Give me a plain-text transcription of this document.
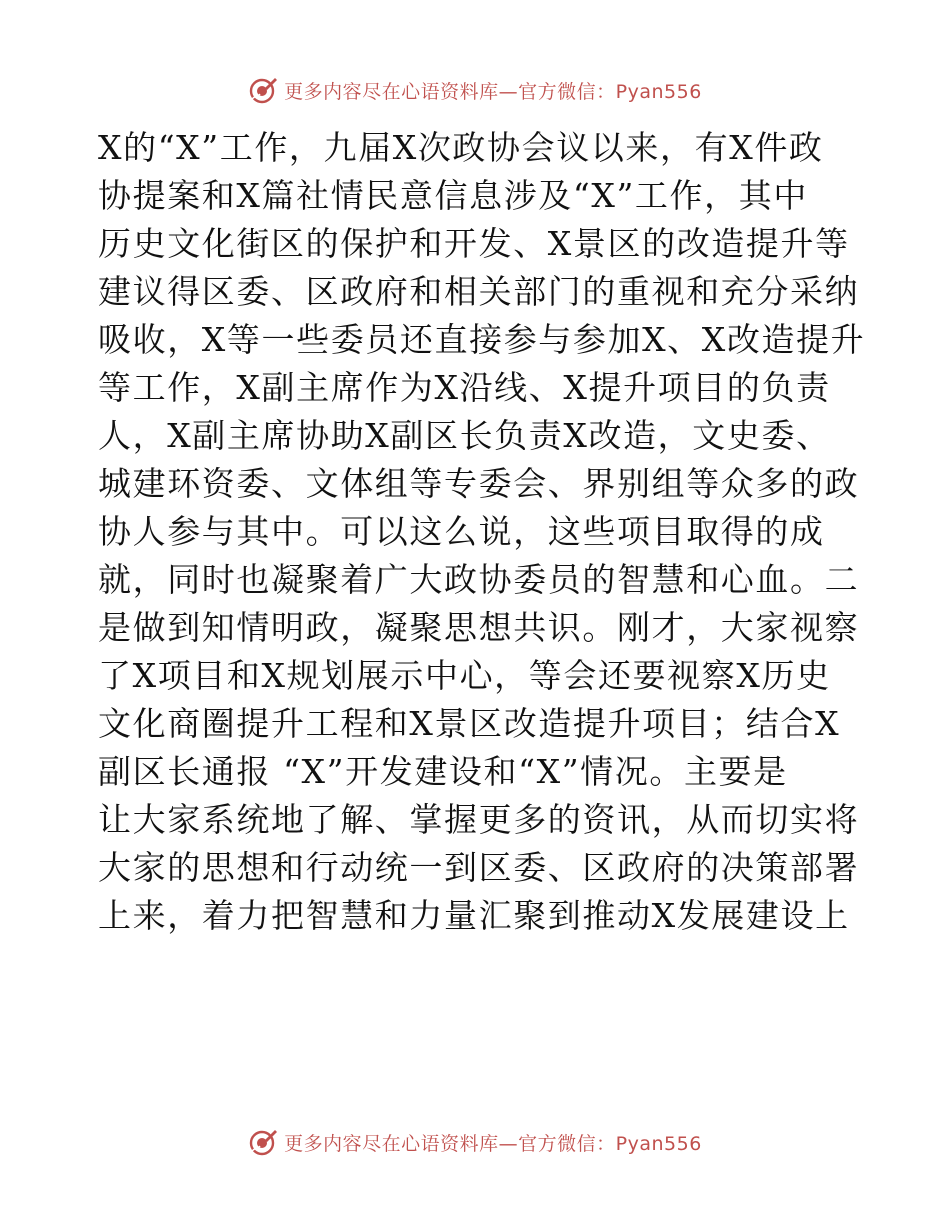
更多内容尽在心语资料库—官方微信：Pyan556
X的“X”工作，九届X次政协会议以来，有X件政
协提案和X篇社情民意信息涉及“X”工作，其中
历史文化街区的保护和开发、X景区的改造提升等
建议得区委、区政府和相关部门的重视和充分采纳
吸收，X等一些委员还直接参与参加X、X改造提升
等工作，X副主席作为X沿线、X提升项目的负责
人，X副主席协助X副区长负责X改造，文史委、
城建环资委、文体组等专委会、界别组等众多的政
协人参与其中。可以这么说，这些项目取得的成
就，同时也凝聚着广大政协委员的智慧和心血。二
是做到知情明政，凝聚思想共识。刚才，大家视察
了X项目和X规划展示中心，等会还要视察X历史
文化商圈提升工程和X景区改造提升项目；结合X
副区长通报 “X”开发建设和“X”情况。主要是
让大家系统地了解、掌握更多的资讯，从而切实将
大家的思想和行动统一到区委、区政府的决策部署
上来，着力把智慧和力量汇聚到推动X发展建设上
更多内容尽在心语资料库—官方微信：Pyan556
